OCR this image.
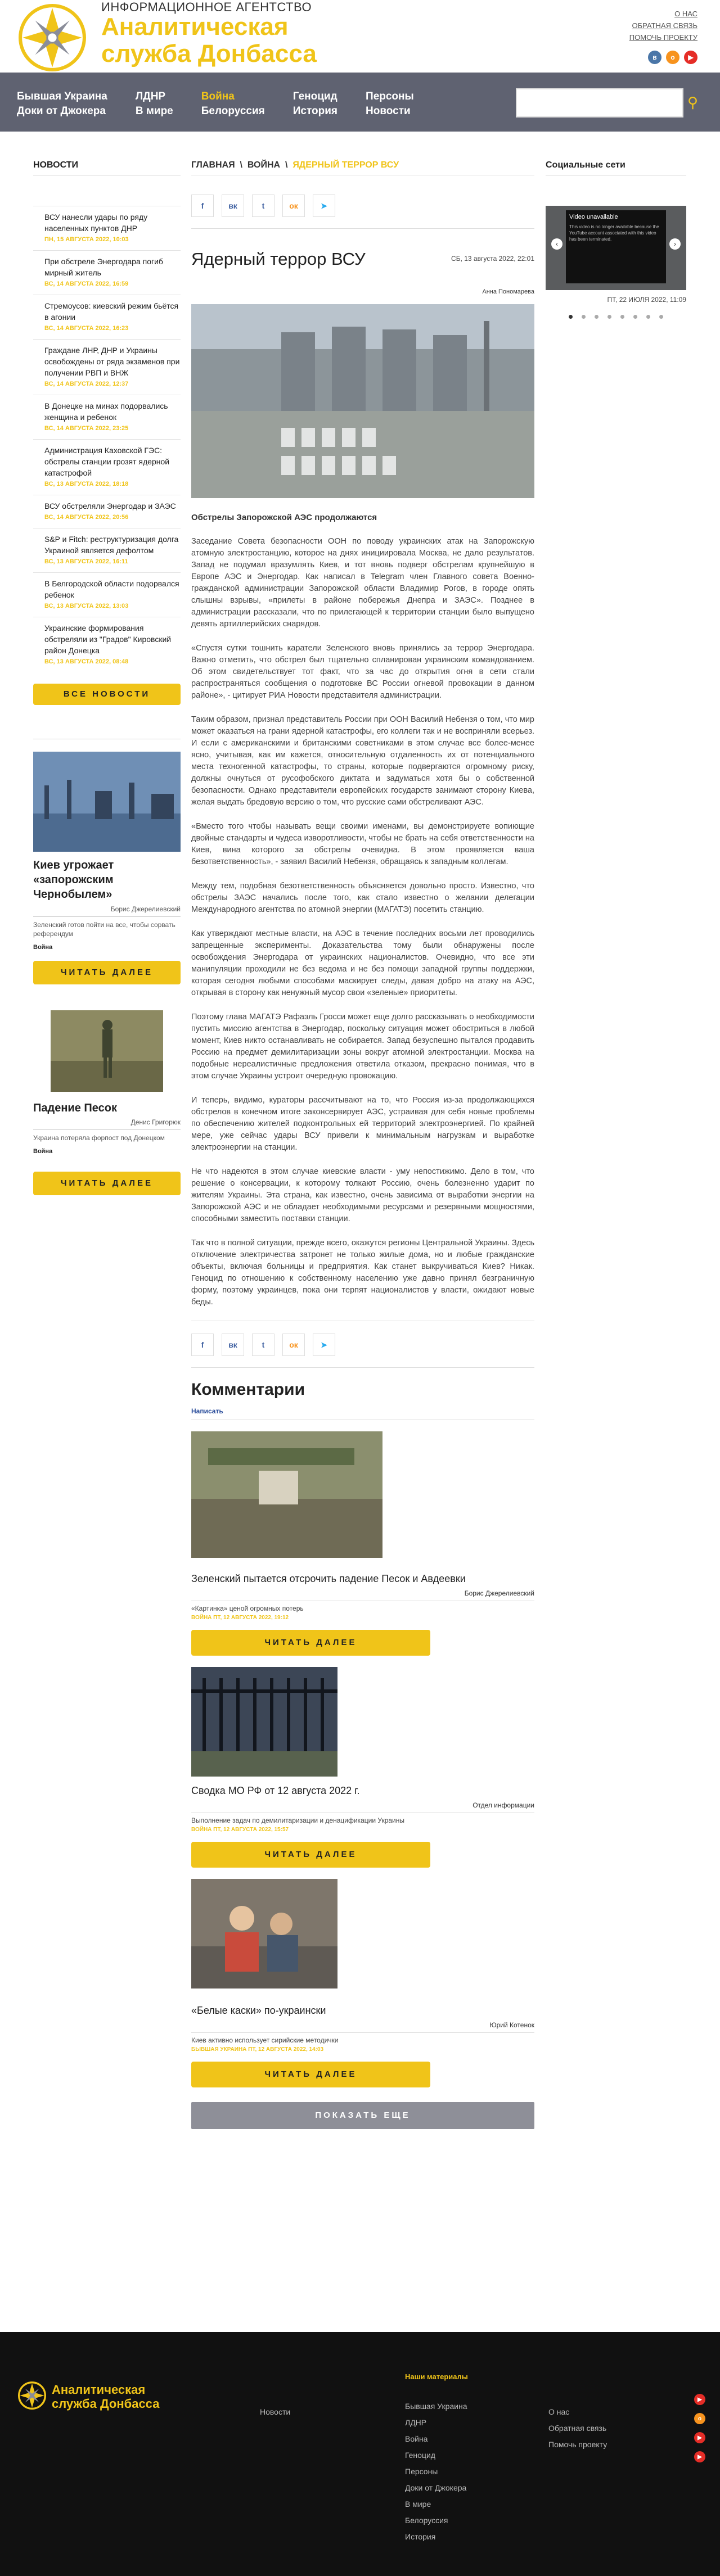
ИНФОРМАЦИОННОЕ АГЕНТСТВО
Аналитическая
служба Донбасса
О НАС
ОБРАТНАЯ СВЯЗЬ
ПОМОЧЬ ПРОЕКТУ
в	о	▶
Бывшая Украина
Доки от Джокера
ЛДНР
В мире
Война
Белоруссия
Геноцид
История
Персоны
Новости
⚲
НОВОСТИ
ВСУ нанесли удары по ряду населенных пунктов ДНР
ПН, 15 АВГУСТА 2022, 10:03
При обстреле Энергодара погиб мирный житель
ВС, 14 АВГУСТА 2022, 16:59
Стремоусов: киевский режим бьётся в агонии
ВС, 14 АВГУСТА 2022, 16:23
Граждане ЛНР, ДНР и Украины освобождены от ряда экзаменов при получении РВП и ВНЖ
ВС, 14 АВГУСТА 2022, 12:37
В Донецке на минах подорвались женщина и ребенок
ВС, 14 АВГУСТА 2022, 23:25
Администрация Каховской ГЭС: обстрелы станции грозят ядерной катастрофой
ВС, 13 АВГУСТА 2022, 18:18
ВСУ обстреляли Энергодар и ЗАЭС
ВС, 14 АВГУСТА 2022, 20:56
S&P и Fitch: реструктуризация долга Украиной является дефолтом
ВС, 13 АВГУСТА 2022, 16:11
В Белгородской области подорвался ребенок
ВС, 13 АВГУСТА 2022, 13:03
Украинские формирования обстреляли из "Градов" Кировский район Донецка
ВС, 13 АВГУСТА 2022, 08:48
ВСЕ НОВОСТИ
Киев угрожает «запорожским Чернобылем»
Борис Джерелиевский
Зеленский готов пойти на все, чтобы сорвать референдум
Война
ЧИТАТЬ ДАЛЕЕ
Падение Песок
Денис Григорюк
Украина потеряла форпост под Донецком
Война
ЧИТАТЬ ДАЛЕЕ
ГЛАВНАЯ  \  ВОЙНА  \  ЯДЕРНЫЙ ТЕРРОР ВСУ
f	вк	t	ок	➤
Ядерный террор ВСУ	СБ, 13 августа 2022, 22:01
Анна Пономарева
Обстрелы Запорожской АЭС продолжаются

Заседание Совета безопасности ООН по поводу украинских атак на Запорожскую атомную электростанцию, которое на днях инициировала Москва, не дало результатов. Запад не подумал вразумлять Киев, и тот вновь подверг обстрелам крупнейшую в Европе АЭС и Энергодар. Как написал в Telegram член Главного совета Военно-гражданской администрации Запорожской области Владимир Рогов, в городе опять слышны взрывы, «прилеты в районе побережья Днепра и ЗАЭС». Позднее в администрации рассказали, что по прилегающей к территории станции было выпущено девять артиллерийских снарядов.

«Спустя сутки тошнить каратели Зеленского вновь принялись за террор Энергодара. Важно отметить, что обстрел был тщательно спланирован украинским командованием. Об этом свидетельствует тот факт, что за час до открытия огня в сети стали распространяться сообщения о подготовке ВС России огневой провокации в данном районе», - цитирует РИА Новости представителя администрации.

Таким образом, признал представитель России при ООН Василий Небензя о том, что мир может оказаться на грани ядерной катастрофы, его коллеги так и не восприняли всерьез. И если с американскими и британскими советниками в этом случае все более-менее ясно, учитывая, как им кажется, относительную отдаленность их от потенциального места техногенной катастрофы, то страны, которые подвергаются огромному риску, должны очнуться от русофобского диктата и задуматься хотя бы о собственной безопасности. Однако представители европейских государств занимают сторону Киева, желая выдать бредовую версию о том, что русские сами обстреливают АЭС.

«Вместо того чтобы называть вещи своими именами, вы демонстрируете вопиющие двойные стандарты и чудеса изворотливости, чтобы не брать на себя ответственности на Киев, вина которого за обстрелы очевидна. В этом проявляется ваша безответственность», - заявил Василий Небензя, обращаясь к западным коллегам.

Между тем, подобная безответственность объясняется довольно просто. Известно, что обстрелы ЗАЭС начались после того, как стало известно о желании делегации Международного агентства по атомной энергии (МАГАТЭ) посетить станцию.

Как утверждают местные власти, на АЭС в течение последних восьми лет проводились запрещенные эксперименты. Доказательства тому были обнаружены после освобождения Энергодара от украинских националистов. Очевидно, что все эти манипуляции проходили не без ведома и не без помощи западной группы поддержки, которая сегодня любыми способами маскирует следы, давая добро на атаку на АЭС, открывая в сторону как ненужный мусор свои «зеленые» приоритеты.

Поэтому глава МАГАТЭ Рафаэль Гросси может еще долго рассказывать о необходимости пустить миссию агентства в Энергодар, поскольку ситуация может обостриться в любой момент, Киев никто останавливать не собирается. Запад безуспешно пытался продавить Россию на предмет демилитаризации зоны вокруг атомной электростанции. Москва на подобные нереалистичные предложения ответила отказом, прекрасно понимая, что в этом случае Украины устроит очередную провокацию.

И теперь, видимо, кураторы рассчитывают на то, что Россия из-за продолжающихся обстрелов в конечном итоге законсервирует АЭС, устраивая для себя новые проблемы по обеспечению жителей подконтрольных ей территорий электроэнергией. По крайней мере, уже сейчас удары ВСУ привели к минимальным нагрузкам и выработке электроэнергии на станции.

Не что надеются в этом случае киевские власти - уму непостижимо. Дело в том, что решение о консервации, к которому толкают Россию, очень болезненно ударит по жителям Украины. Эта страна, как известно, очень зависима от выработки энергии на Запорожской АЭС и не обладает необходимыми ресурсами и резервными мощностями, способными заместить поставки станции.

Так что в полной ситуации, прежде всего, окажутся регионы Центральной Украины. Здесь отключение электричества затронет не только жилые дома, но и любые гражданские объекты, включая больницы и предприятия. Как станет выкручиваться Киев? Никак. Геноцид по отношению к собственному населению уже давно принял безграничную форму, поэтому украинцев, пока они терпят националистов у власти, ожидают новые беды.

f	вк	t	ок	➤
Комментарии
Написать
Зеленский пытается отсрочить падение Песок и Авдеевки
Борис Джерелиевский
«Картинка» ценой огромных потерь
ВОЙНА ПТ, 12 АВГУСТА 2022, 19:12
ЧИТАТЬ ДАЛЕЕ
Сводка МО РФ от 12 августа 2022 г.
Отдел информации
Выполнение задач по демилитаризации и денацификации Украины
ВОЙНА ПТ, 12 АВГУСТА 2022, 15:57
ЧИТАТЬ ДАЛЕЕ
«Белые каски» по-украински
Юрий Котенок
Киев активно использует сирийские методички
БЫВШАЯ УКРАИНА ПТ, 12 АВГУСТА 2022, 14:03
ЧИТАТЬ ДАЛЕЕ
ПОКАЗАТЬ ЕЩЕ
Социальные сети
‹
Video unavailable
This video is no longer available because the YouTube account associated with this video has been terminated.
›
ПТ, 22 ИЮЛЯ 2022, 11:09
Аналитическая
служба Донбасса
Новости
Наши материалы
Бывшая Украина
ЛДНР
Война
Геноцид
Персоны
Доки от Джокера
В мире
Белоруссия
История
О нас
Обратная связь
Помочь проекту
▶
о
▶
▶
